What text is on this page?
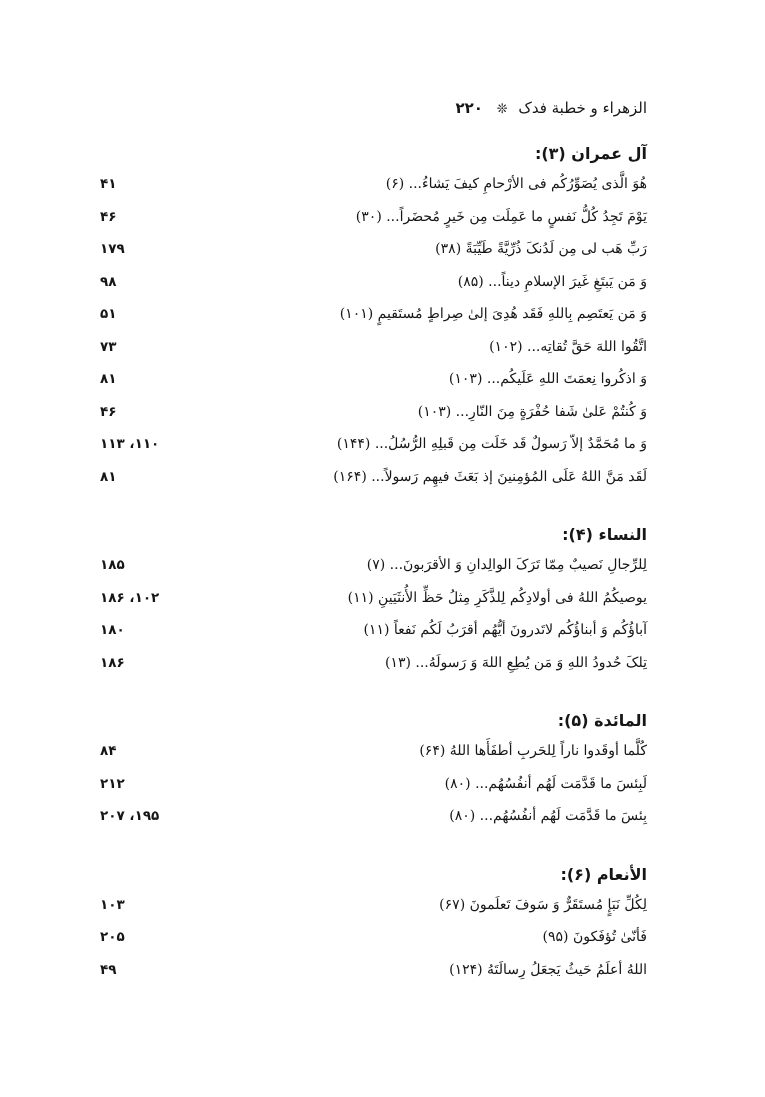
الزهراء و خطبة فدک ❊ ۲۲۰
آل عمران (۳):
هُوَ الَّذی یُصَوِّرُکُم فی الأرْحامِ کیفَ یَشاءُ... (۶)
۴۱
یَوْمَ تَجِدُ کُلُّ نَفسٍ ما عَمِلَت مِن خَیرٍ مُحضَراً... (۳۰)
۴۶
رَبِّ هَب لی مِن لَدُنکَ ذُرِّیَّةً طَیِّبَةً (۳۸)
۱۷۹
وَ مَن یَبتَغِ غَیرَ الإسلامِ دیناً... (۸۵)
۹۸
وَ مَن یَعتَصِم بِاللهِ فَقَد هُدِیَ إلیٰ صِراطٍ مُستَقیمٍ (۱۰۱)
۵۱
اتَّقُوا اللهَ حَقَّ تُقاتِه... (۱۰۲)
۷۳
وَ اذکُروا نِعمَتَ اللهِ عَلَیکُم... (۱۰۳)
۸۱
وَ کُنتُمْ عَلیٰ شَفا حُفْرَةٍ مِنَ النّارِ... (۱۰۳)
۴۶
وَ ما مُحَمَّدٌ إلاّ رَسولٌ قَد خَلَت مِن قَبلِهِ الرُّسُلُ... (۱۴۴)
۱۱۰، ۱۱۳
لَقَد مَنَّ اللهُ عَلَی المُؤمِنینَ إذ بَعَثَ فیهِم رَسولاً... (۱۶۴)
۸۱
النساء (۴):
لِلرِّجالِ نَصیبٌ مِمّا تَرَکَ الوالِدانِ وَ الأقرَبونَ... (۷)
۱۸۵
یوصیکُمُ اللهُ فی أولادِکُم لِلذَّکَرِ مِثلُ حَظِّ الأُنثَیَینِ (۱۱)
۱۰۲، ۱۸۶
آباؤُکُم وَ أبناؤُکُم لاتَدرونَ أیُّهُم أقرَبُ لَکُم نَفعاً (۱۱)
۱۸۰
تِلکَ حُدودُ اللهِ وَ مَن یُطِعِ اللهَ وَ رَسولَهُ... (۱۳)
۱۸۶
المائدة (۵):
کُلَّما أوقَدوا ناراً لِلحَربِ أطفَأَها اللهُ (۶۴)
۸۴
لَبِئسَ ما قَدَّمَت لَهُم أنفُسُهُم... (۸۰)
۲۱۲
بِئسَ ما قَدَّمَت لَهُم أنفُسُهُم... (۸۰)
۱۹۵، ۲۰۷
الأنعام (۶):
لِکُلِّ نَبَإٍ مُستَقَرٌّ وَ سَوفَ تَعلَمونَ (۶۷)
۱۰۳
فَأنّیٰ تُؤفَکونَ (۹۵)
۲۰۵
اللهُ أعلَمُ حَیثُ یَجعَلُ رِسالَتَهُ (۱۲۴)
۴۹
